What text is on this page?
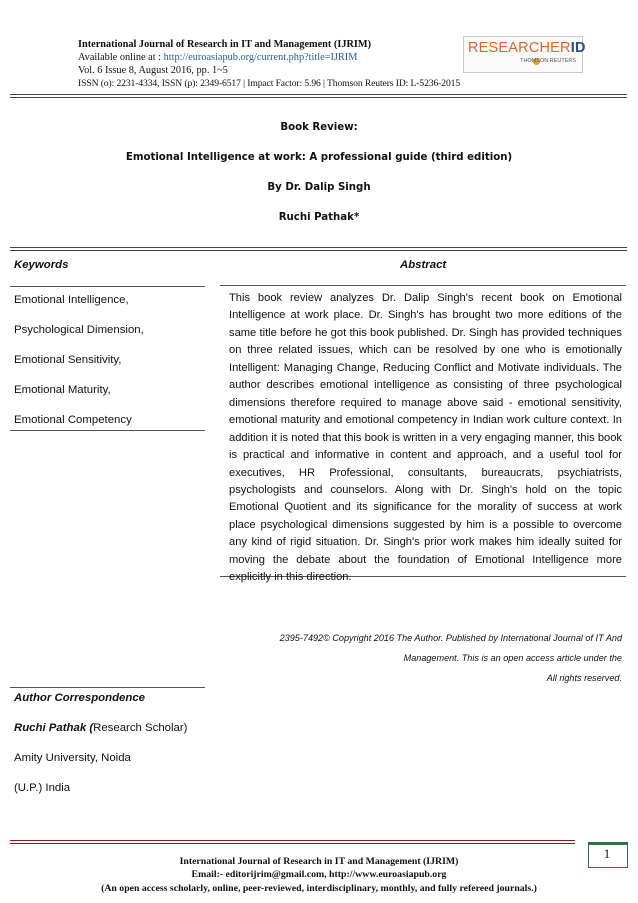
International Journal of Research in IT and Management (IJRIM)
Available online at : http://euroasiapub.org/current.php?title=IJRIM
Vol. 6 Issue 8, August 2016, pp. 1~5
ISSN (o): 2231-4334, ISSN (p): 2349-6517 | Impact Factor: 5.96 | Thomson Reuters ID: L-5236-2015
RESEARCHERID
THOMSON REUTERS
Book Review:
Emotional Intelligence at work: A professional guide (third edition)
By Dr. Dalip Singh
Ruchi Pathak*
Keywords
Emotional Intelligence,
Psychological Dimension,
Emotional Sensitivity,
Emotional Maturity,
Emotional Competency
Abstract
This book review analyzes Dr. Dalip Singh's recent book on Emotional Intelligence at work place. Dr. Singh's has brought two more editions of the same title before he got this book published. Dr. Singh has provided techniques on three related issues, which can be resolved by one who is emotionally Intelligent: Managing Change, Reducing Conflict and Motivate individuals. The author describes emotional intelligence as consisting of three psychological dimensions therefore required to manage above said - emotional sensitivity, emotional maturity and emotional competency in Indian work culture context. In addition it is noted that this book is written in a very engaging manner, this book is practical and informative in content and approach, and a useful tool for executives, HR Professional, consultants, bureaucrats, psychiatrists, psychologists and counselors. Along with Dr. Singh's hold on the topic Emotional Quotient and its significance for the morality of success at work place psychological dimensions suggested by him is a possible to overcome any kind of rigid situation. Dr. Singh's prior work makes him ideally suited for moving the debate about the foundation of Emotional Intelligence more explicitly in this direction.
2395-7492© Copyright 2016 The Author. Published by International Journal of IT And
Management. This is an open access article under the
All rights reserved.
Author Correspondence
Ruchi Pathak (Research Scholar)
Amity University, Noida
(U.P.) India
1
International Journal of Research in IT and Management (IJRIM)
Email:- editorijrim@gmail.com, http://www.euroasiapub.org
(An open access scholarly, online, peer-reviewed, interdisciplinary, monthly, and fully refereed journals.)
